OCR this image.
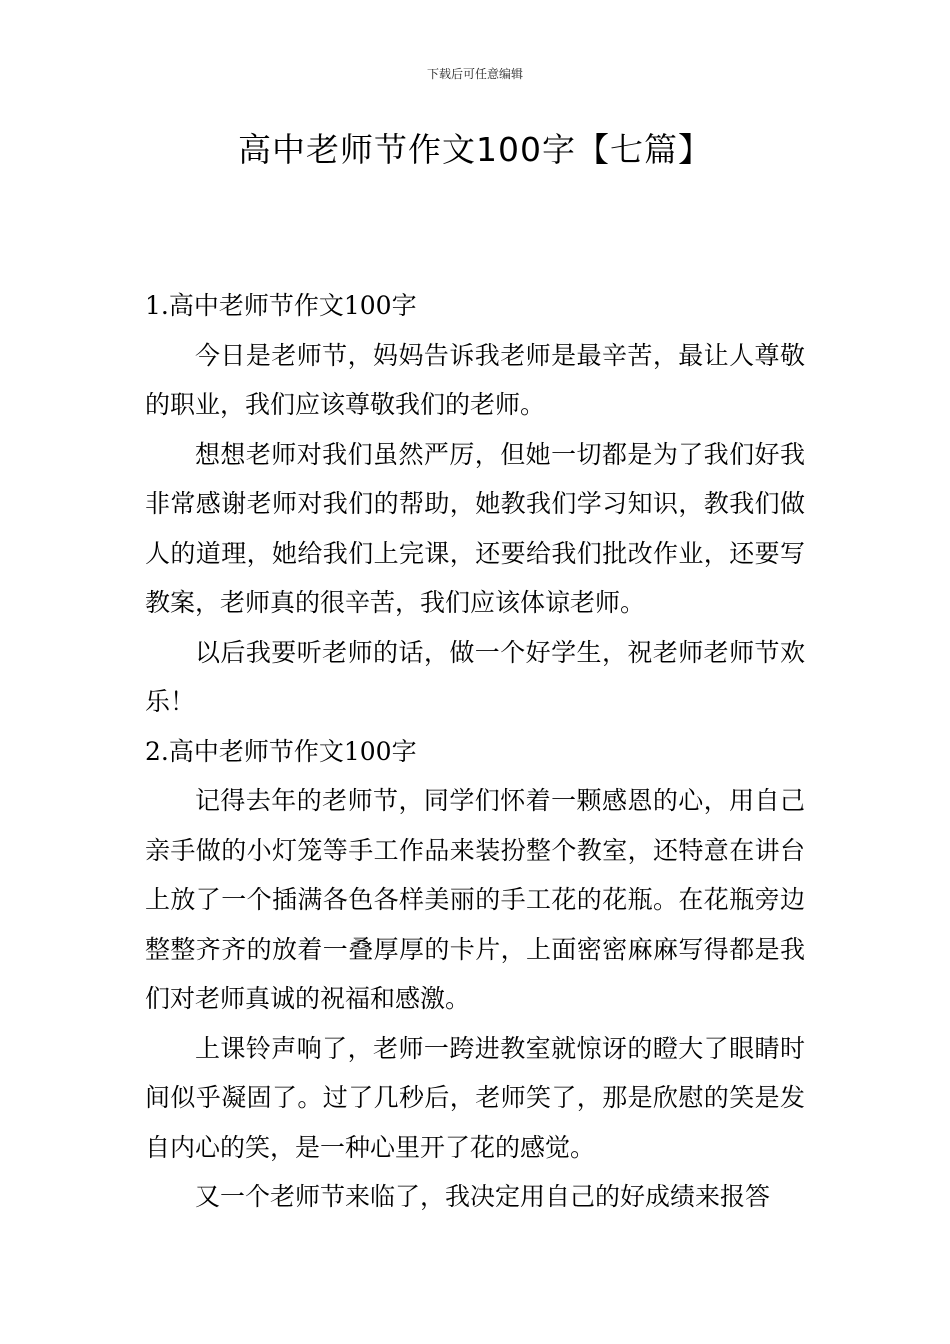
下载后可任意编辑
高中老师节作文100字【七篇】

1.高中老师节作文100字

今日是老师节，妈妈告诉我老师是最辛苦，最让人尊敬的职业，我们应该尊敬我们的老师。

想想老师对我们虽然严厉，但她一切都是为了我们好我非常感谢老师对我们的帮助，她教我们学习知识，教我们做人的道理，她给我们上完课，还要给我们批改作业，还要写教案，老师真的很辛苦，我们应该体谅老师。

以后我要听老师的话，做一个好学生，祝老师老师节欢乐！

2.高中老师节作文100字

记得去年的老师节，同学们怀着一颗感恩的心，用自己亲手做的小灯笼等手工作品来装扮整个教室，还特意在讲台上放了一个插满各色各样美丽的手工花的花瓶。在花瓶旁边整整齐齐的放着一叠厚厚的卡片，上面密密麻麻写得都是我们对老师真诚的祝福和感激。

上课铃声响了，老师一跨进教室就惊讶的瞪大了眼睛时间似乎凝固了。过了几秒后，老师笑了，那是欣慰的笑是发自内心的笑，是一种心里开了花的感觉。

又一个老师节来临了，我决定用自己的好成绩来报答
